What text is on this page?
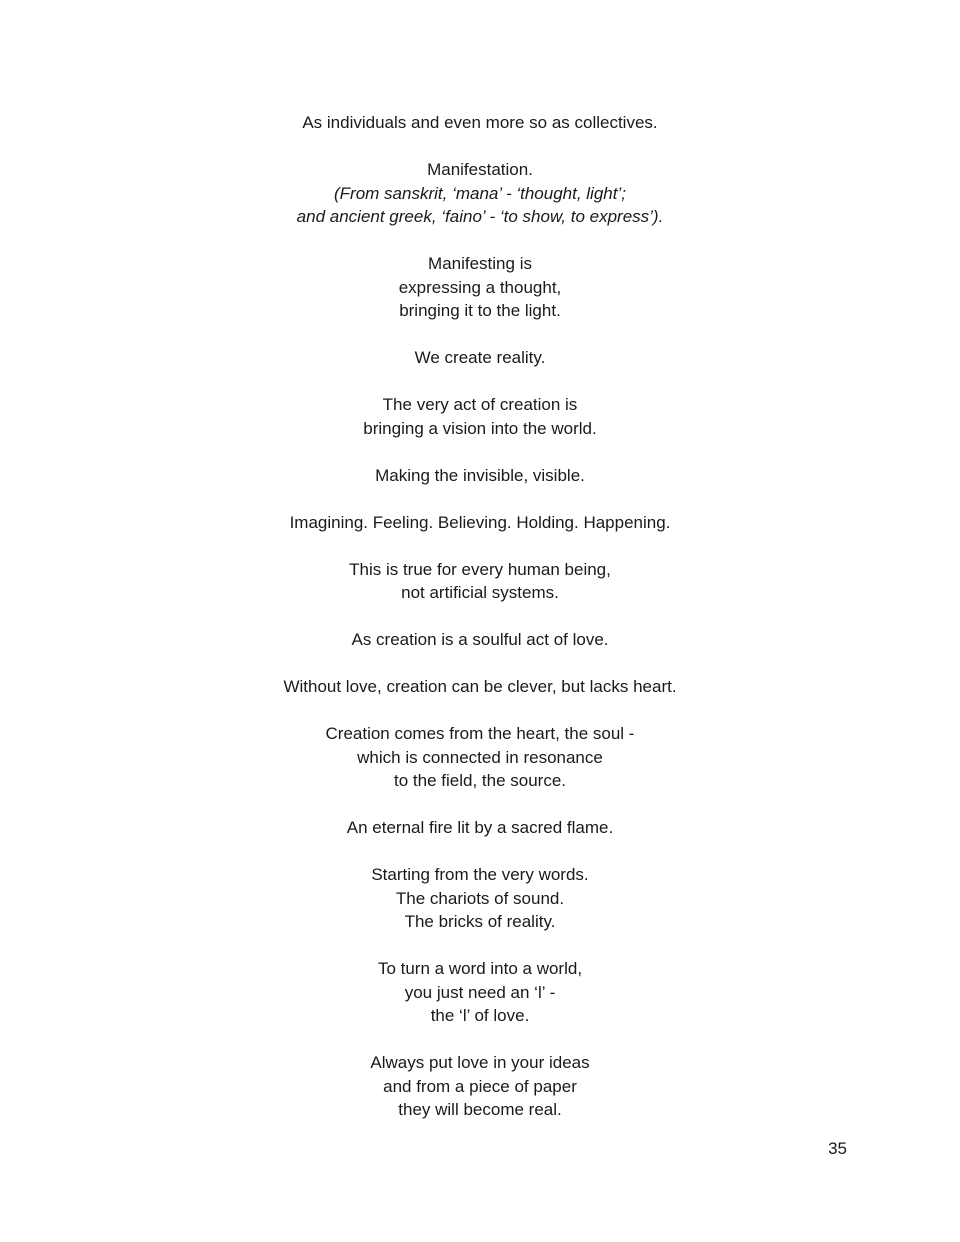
As individuals and even more so as collectives.
Manifestation.
(From sanskrit, ‘mana’ - ‘thought, light’;
and ancient greek, ‘faino’ - ‘to show, to express’).
Manifesting is
expressing a thought,
bringing it to the light.
We create reality.
The very act of creation is
bringing a vision into the world.
Making the invisible, visible.
Imagining. Feeling. Believing. Holding. Happening.
This is true for every human being,
not artificial systems.
As creation is a soulful act of love.
Without love, creation can be clever, but lacks heart.
Creation comes from the heart, the soul -
which is connected in resonance
to the field, the source.
An eternal fire lit by a sacred flame.
Starting from the very words.
The chariots of sound.
The bricks of reality.
To turn a word into a world,
you just need an ‘l’ -
the ‘l’ of love.
Always put love in your ideas
and from a piece of paper
they will become real.
35
